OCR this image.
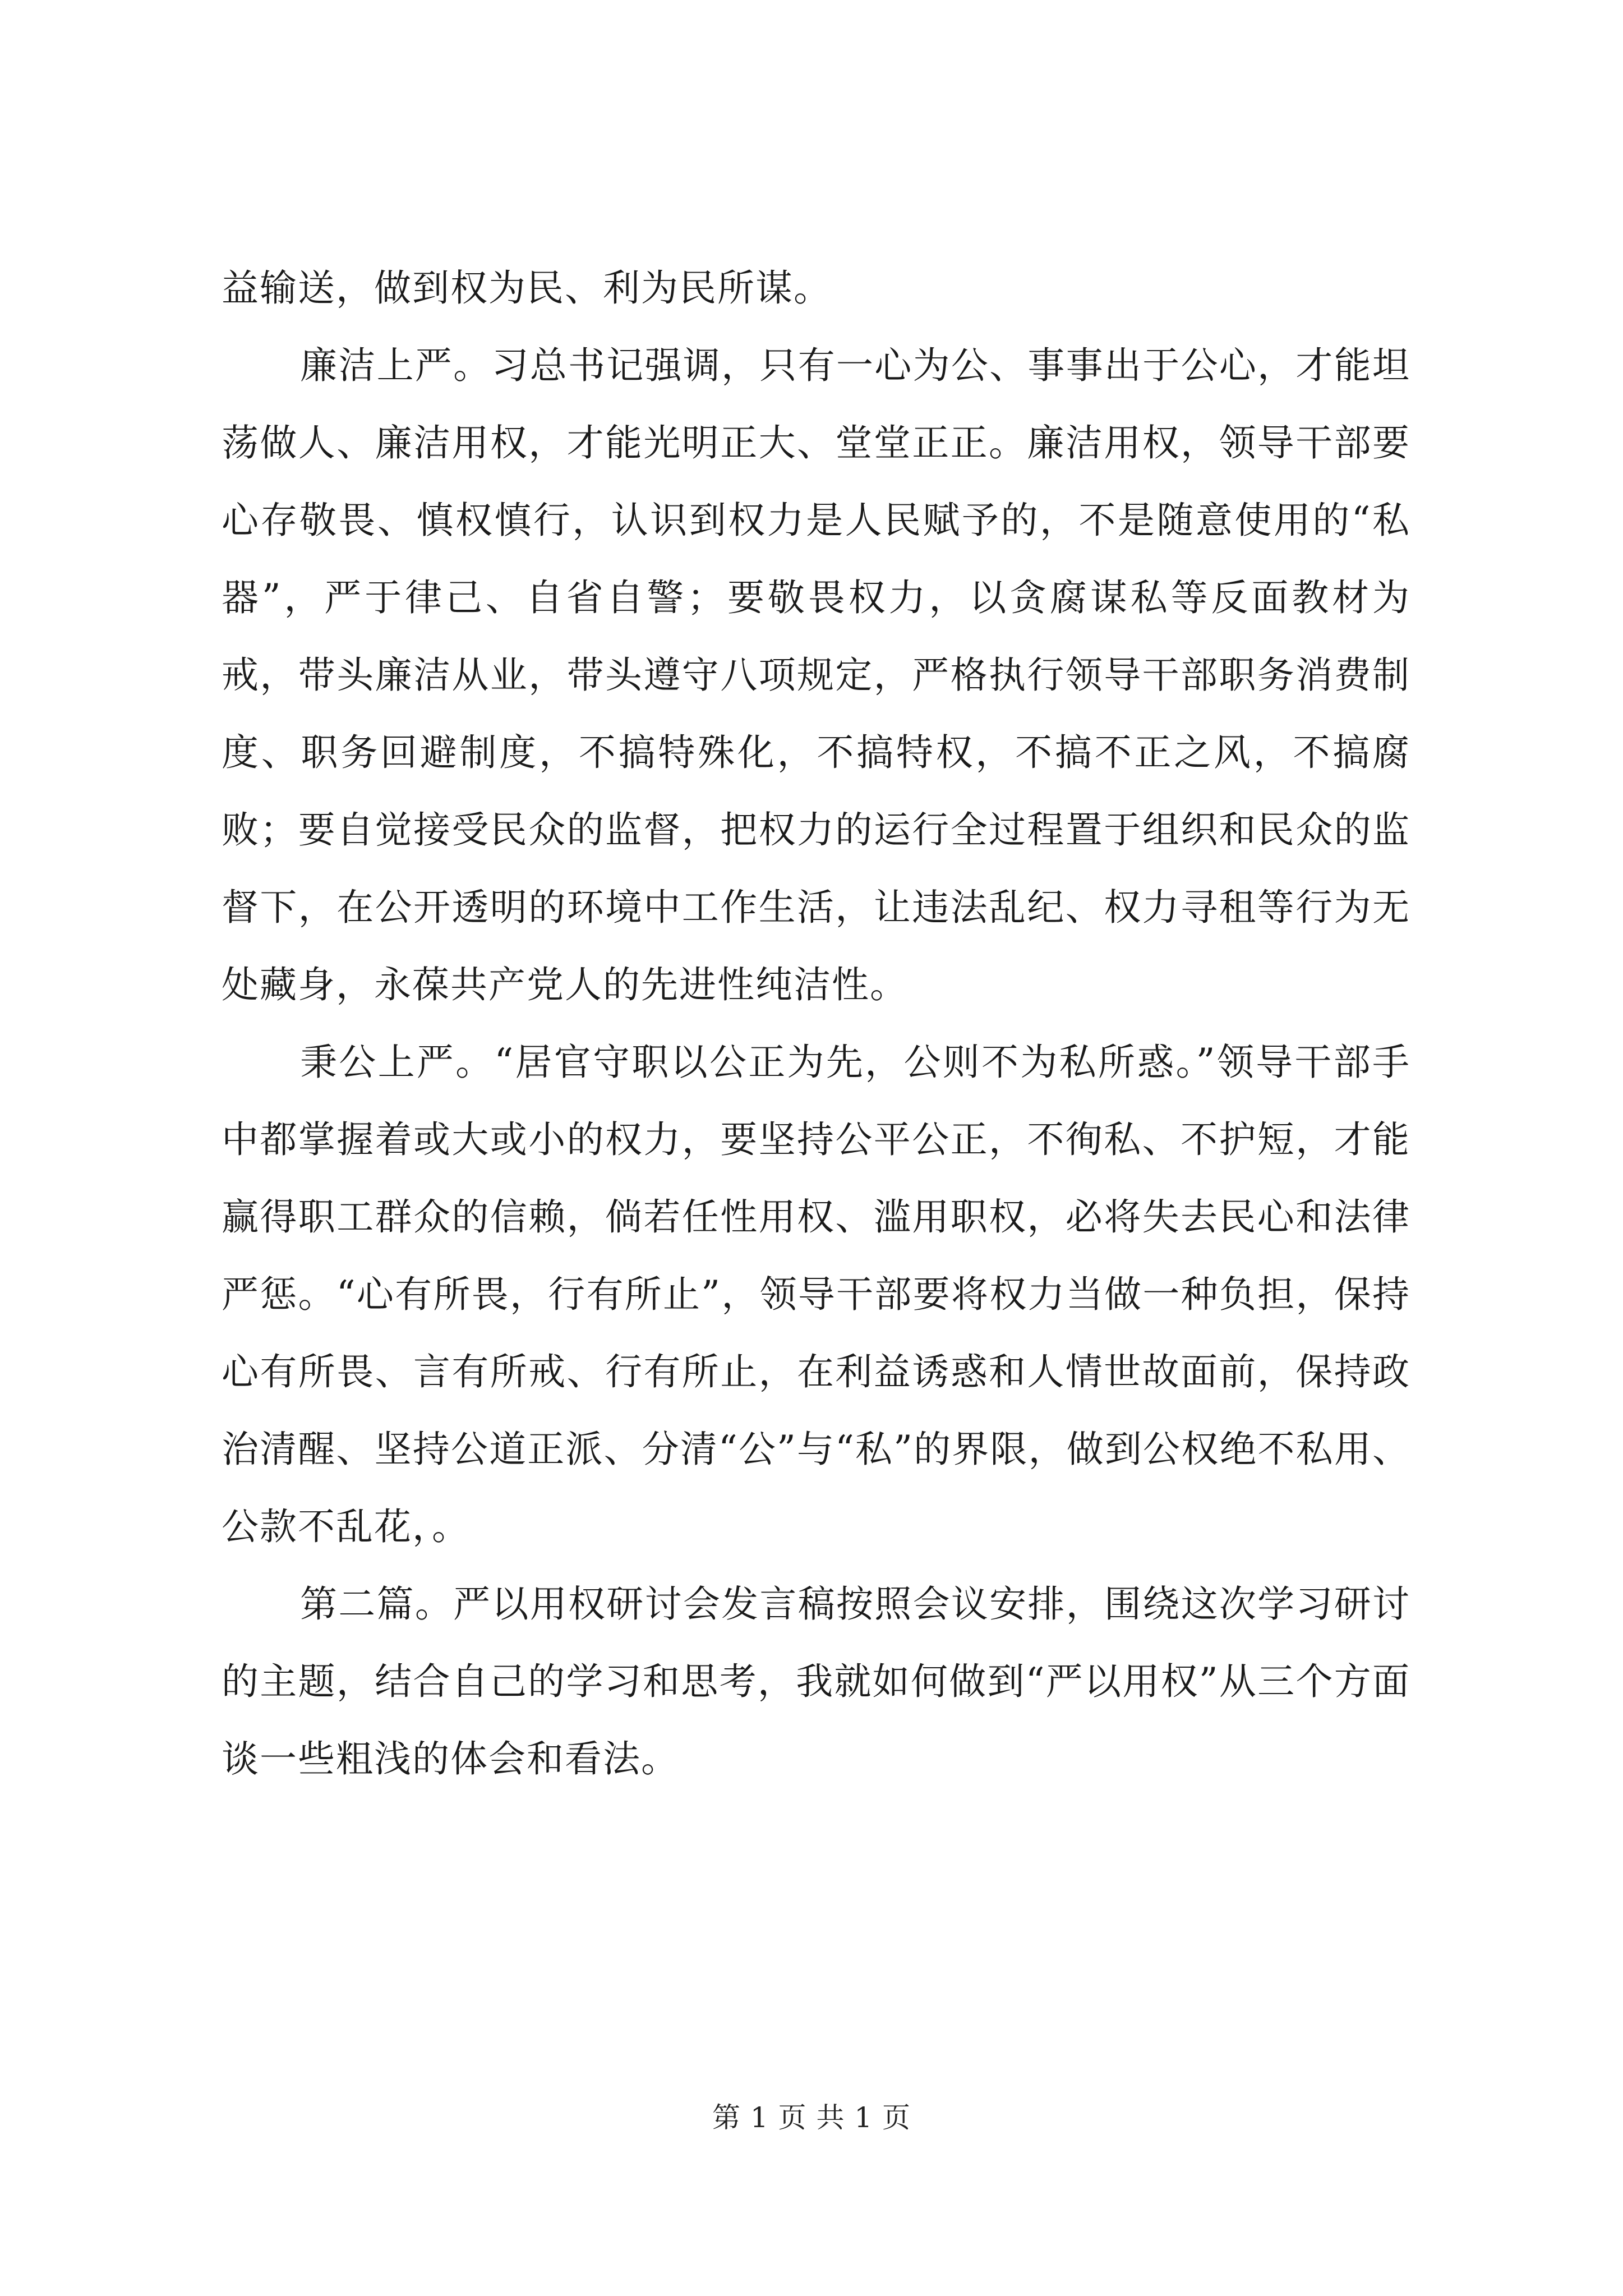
益输送，做到权为民、利为民所谋。

廉洁上严。习总书记强调，只有一心为公、事事出于公心，才能坦荡做人、廉洁用权，才能光明正大、堂堂正正。廉洁用权，领导干部要心存敬畏、慎权慎行，认识到权力是人民赋予的，不是随意使用的“私器”，严于律己、自省自警；要敬畏权力，以贪腐谋私等反面教材为戒，带头廉洁从业，带头遵守八项规定，严格执行领导干部职务消费制度、职务回避制度，不搞特殊化，不搞特权，不搞不正之风，不搞腐败；要自觉接受民众的监督，把权力的运行全过程置于组织和民众的监督下，在公开透明的环境中工作生活，让违法乱纪、权力寻租等行为无处藏身，永葆共产党人的先进性纯洁性。

秉公上严。“居官守职以公正为先，公则不为私所惑。”领导干部手中都掌握着或大或小的权力，要坚持公平公正，不徇私、不护短，才能赢得职工群众的信赖，倘若任性用权、滥用职权，必将失去民心和法律严惩。“心有所畏，行有所止”，领导干部要将权力当做一种负担，保持心有所畏、言有所戒、行有所止，在利益诱惑和人情世故面前，保持政治清醒、坚持公道正派、分清“公”与“私”的界限，做到公权绝不私用、公款不乱花，。

第二篇。严以用权研讨会发言稿按照会议安排，围绕这次学习研讨的主题，结合自己的学习和思考，我就如何做到“严以用权”从三个方面谈一些粗浅的体会和看法。

第 1 页 共 1 页
